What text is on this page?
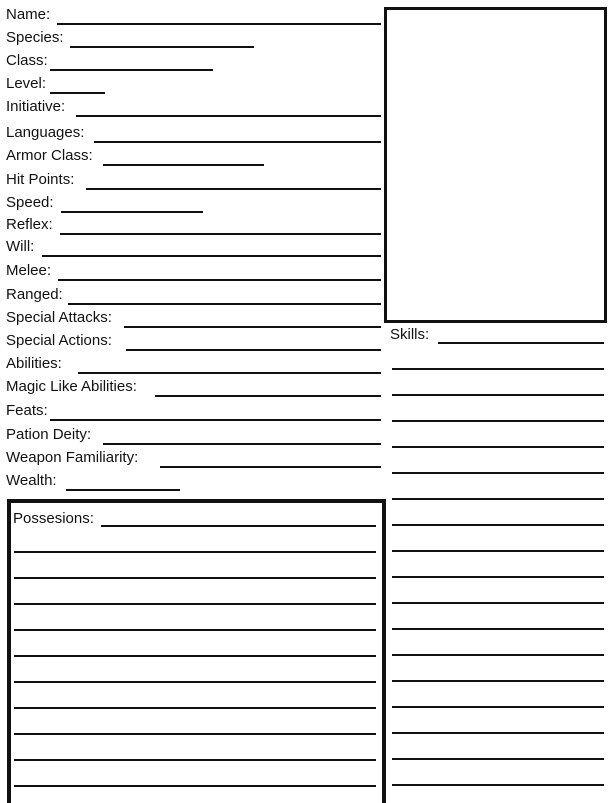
Name:
Species:
Class:
Level:
Initiative:
Languages:
Armor Class:
Hit Points:
Speed:
Reflex:
Will:
Melee:
Ranged:
Special Attacks:
Special Actions:
Abilities:
Magic Like Abilities:
Feats:
Pation Deity:
Weapon Familiarity:
Wealth:
Skills:
Possesions:
